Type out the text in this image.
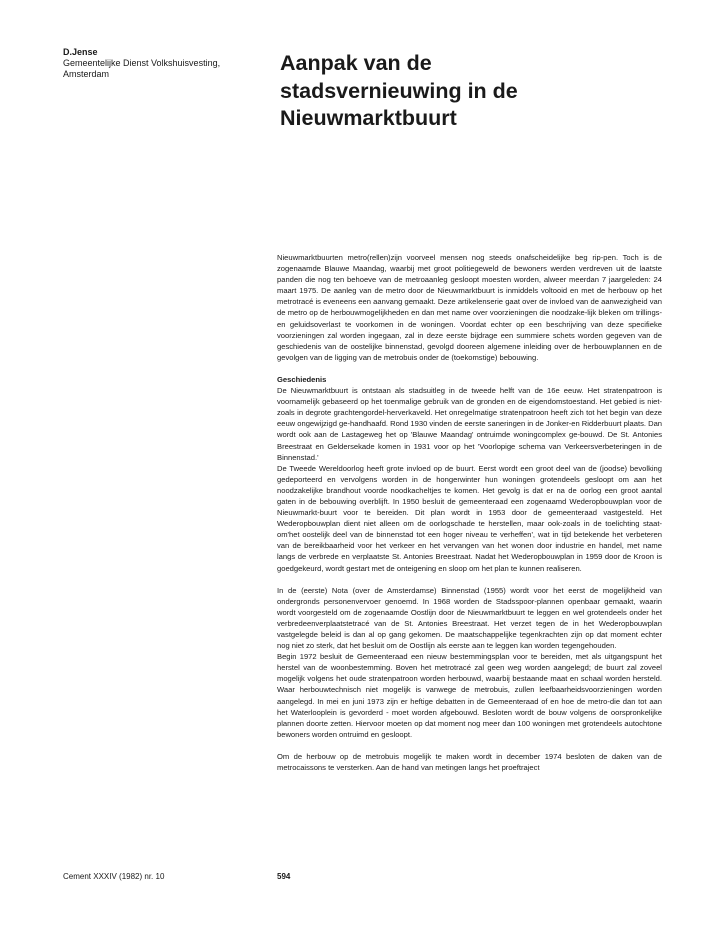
D.Jense
Gemeentelijke Dienst Volkshuisvesting,
Amsterdam	Aanpak van de
stadsvernieuwing in de
Nieuwmarktbuurt

Nieuwmarktbuurten metro(rellen)zijn voorveel mensen nog steeds onafscheidelijke beg rip-pen. Toch is de zogenaamde Blauwe Maandag, waarbij met groot politiegeweld de bewoners werden verdreven uit de laatste panden die nog ten behoeve van de metroaanleg gesloopt moesten worden, alweer meerdan 7 jaargeleden: 24 maart 1975. De aanleg van de metro door de Nieuwmarktbuurt is inmiddels voltooid en met de herbouw op het metrotracé is eveneens een aanvang gemaakt. Deze artikelenserie gaat over de invloed van de aanwezigheid van de metro op de herbouwmogelijkheden en dan met name over voorzieningen die noodzake-lijk bleken om trillings-en geluidsoverlast te voorkomen in de woningen. Voordat echter op een beschrijving van deze specifieke voorzieningen zal worden ingegaan, zal in deze eerste bijdrage een summiere schets worden gegeven van de geschiedenis van de oostelijke binnenstad, gevolgd dooreen algemene inleiding over de herbouwplannen en de gevolgen van de ligging van de metrobuis onder de (toekomstige) bebouwing.

Geschiedenis

De Nieuwmarktbuurt is ontstaan als stadsuitleg in de tweede helft van de 16e eeuw. Het stratenpatroon is voornamelijk gebaseerd op het toenmalige gebruik van de gronden en de eigendomstoestand. Het gebied is niet-zoals in degrote grachtengordel-herverkaveld. Het onregelmatige stratenpatroon heeft zich tot het begin van deze eeuw ongewijzigd ge-handhaafd. Rond 1930 vinden de eerste saneringen in de Jonker-en Ridderbuurt plaats. Dan wordt ook aan de Lastageweg het op 'Blauwe Maandag' ontruimde woningcomplex ge-bouwd. De St. Antonies Breestraat en Geldersekade komen in 1931 voor op het 'Voorlopige schema van Verkeersverbeteringen in de Binnenstad.'

De Tweede Wereldoorlog heeft grote invloed op de buurt. Eerst wordt een groot deel van de (joodse) bevolking gedeporteerd en vervolgens worden in de hongerwinter hun woningen grotendeels gesloopt om aan het noodzakelijke brandhout voorde noodkacheltjes te komen. Het gevolg is dat er na de oorlog een groot aantal gaten in de bebouwing overblijft. In 1950 besluit de gemeenteraad een zogenaamd Wederopbouwplan voor de Nieuwmarkt-buurt voor te bereiden. Dit plan wordt in 1953 door de gemeenteraad vastgesteld. Het Wederopbouwplan dient niet alleen om de oorlogschade te herstellen, maar ook-zoals in de toelichting staat-om'het oostelijk deel van de binnenstad tot een hoger niveau te verheffen', wat in tijd betekende het verbeteren van de bereikbaarheid voor het verkeer en het vervangen van het wonen door industrie en handel, met name langs de verbrede en verplaatste St. Antonies Breestraat. Nadat het Wederopbouwplan in 1959 door de Kroon is goedgekeurd, wordt gestart met de onteigening en sloop om het plan te kunnen realiseren.

In de (eerste) Nota (over de Amsterdamse) Binnenstad (1955) wordt voor het eerst de mogelijkheid van ondergronds personenvervoer genoemd. In 1968 worden de Stadsspoor-plannen openbaar gemaakt, waarin wordt voorgesteld om de zogenaamde Oostlijn door de Nieuwmarktbuurt te leggen en wel grotendeels onder het verbredeenverplaatstetracé van de St. Antonies Breestraat. Het verzet tegen de in het Wederopbouwplan vastgelegde beleid is dan al op gang gekomen. De maatschappelijke tegenkrachten zijn op dat moment echter nog niet zo sterk, dat het besluit om de Oostlijn als eerste aan te leggen kan worden tegengehouden.

Begin 1972 besluit de Gemeenteraad een nieuw bestemmingsplan voor te bereiden, met als uitgangspunt het herstel van de woonbestemming. Boven het metrotracé zal geen weg worden aangelegd; de buurt zal zoveel mogelijk volgens het oude stratenpatroon worden herbouwd, waarbij bestaande maat en schaal worden hersteld. Waar herbouwtechnisch niet mogelijk is vanwege de metrobuis, zullen leefbaarheidsvoorzieningen worden aangelegd. In mei en juni 1973 zijn er heftige debatten in de Gemeenteraad of en hoe de metro-die dan tot aan het Waterlooplein is gevorderd - moet worden afgebouwd. Besloten wordt de bouw volgens de oorspronkelijke plannen doorte zetten. Hiervoor moeten op dat moment nog meer dan 100 woningen met grotendeels autochtone bewoners worden ontruimd en gesloopt.

Om de herbouw op de metrobuis mogelijk te maken wordt in december 1974 besloten de daken van de metrocaissons te versterken. Aan de hand van metingen langs het proeftraject

Cement XXXIV (1982) nr. 10	594
